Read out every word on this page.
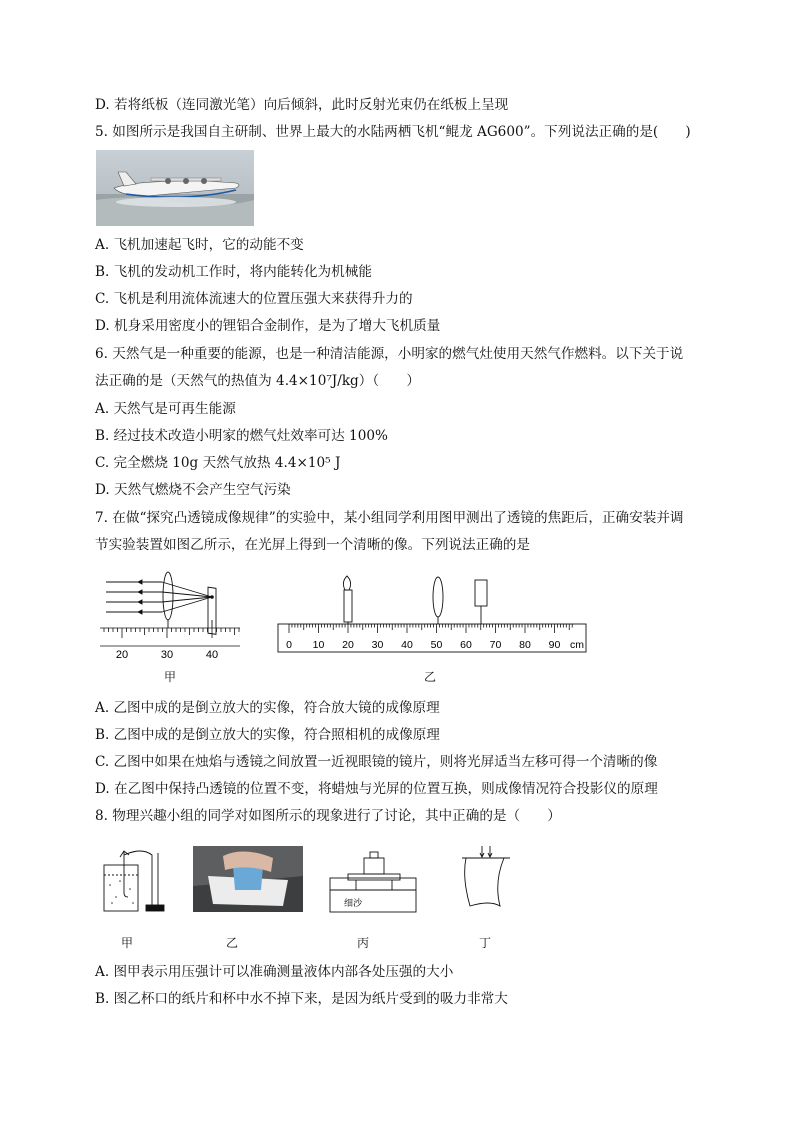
D. 若将纸板（连同激光笔）向后倾斜，此时反射光束仍在纸板上呈现
5. 如图所示是我国自主研制、世界上最大的水陆两栖飞机“鲲龙 AG600”。下列说法正确的是(　　)
A. 飞机加速起飞时，它的动能不变
B. 飞机的发动机工作时，将内能转化为机械能
C. 飞机是利用流体流速大的位置压强大来获得升力的
D. 机身采用密度小的锂铝合金制作，是为了增大飞机质量
6. 天然气是一种重要的能源，也是一种清洁能源，小明家的燃气灶使用天然气作燃料。以下关于说
法正确的是（天然气的热值为 4.4×10⁷J/kg）（　　）
A. 天然气是可再生能源
B. 经过技术改造小明家的燃气灶效率可达 100%
C. 完全燃烧 10g 天然气放热 4.4×10⁵ J
D. 天然气燃烧不会产生空气污染
7. 在做“探究凸透镜成像规律”的实验中，某小组同学利用图甲测出了透镜的焦距后，正确安装并调
节实验装置如图乙所示，在光屏上得到一个清晰的像。下列说法正确的是
20	30	40
甲
0 10 20 30 40 50 60 70 80 90 cm
乙
A. 乙图中成的是倒立放大的实像，符合放大镜的成像原理
B. 乙图中成的是倒立放大的实像，符合照相机的成像原理
C. 乙图中如果在烛焰与透镜之间放置一近视眼镜的镜片，则将光屏适当左移可得一个清晰的像
D. 在乙图中保持凸透镜的位置不变，将蜡烛与光屏的位置互换，则成像情况符合投影仪的原理
8. 物理兴趣小组的同学对如图所示的现象进行了讨论，其中正确的是（　　）
细沙
甲	乙	丙	丁
A. 图甲表示用压强计可以准确测量液体内部各处压强的大小
B. 图乙杯口的纸片和杯中水不掉下来，是因为纸片受到的吸力非常大
